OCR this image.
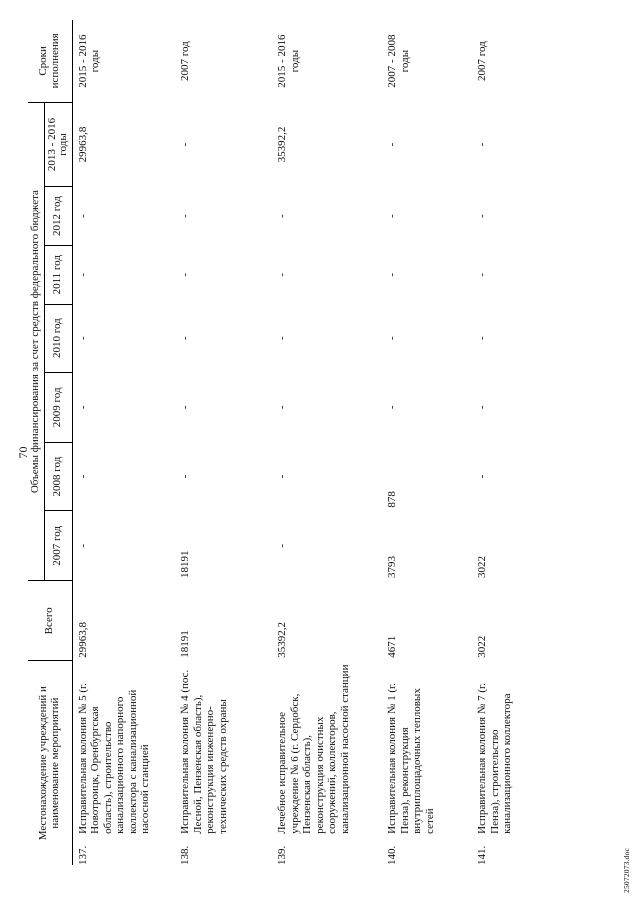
70
Местонахождение учреждений и наименование мероприятий		Всего	Объемы финансирования за счет средств федерального бюджета							Сроки исполнения
			2007 год	2008 год	2009 год	2010 год	2011 год	2012 год	2013 - 2016 годы	
137.	Исправительная колония № 5 (г. Новотроицк, Оренбургская область), строительство канализационного напорного коллектора с канализационной насосной станцией	29963,8	-	-	-	-	-	-	29963,8	2015 - 2016 годы
138.	Исправительная колония № 4 (пос. Лесной, Пензенская область), реконструкция инженерно-технических средств охраны	18191	18191	-	-	-	-	-	-	2007 год
139.	Лечебное исправительное учреждение № 6 (г. Сердобск, Пензенская область), реконструкция очистных сооружений, коллекторов, канализационной насосной станции	35392,2	-	-	-	-	-	-	35392,2	2015 - 2016 годы
140.	Исправительная колония № 1 (г. Пенза), реконструкция внутриплощадочных тепловых сетей	4671	3793	878	-	-	-	-	-	2007 - 2008 годы
141.	Исправительная колония № 7 (г. Пенза), строительство канализационного коллектора	3022	3022	-	-	-	-	-	-	2007 год
25072073.doc
